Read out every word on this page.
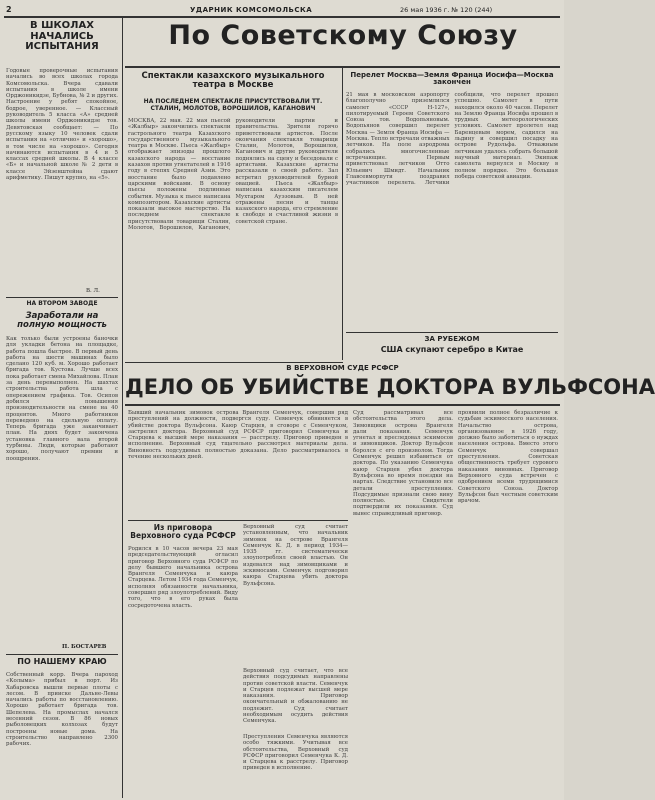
2	УДАРНИК КОМСОМОЛЬСКА	26 мая 1936 г. № 120 (244)
В ШКОЛАХ НАЧАЛИСЬ ИСПЫТАНИЯ
Годовые проверочные испытания начались во всех школах города Комсомольска. Вчера сдавали испытания в школе имени Орджоникидзе, Бубнова, № 2 и других. Настроение у ребят спокойное, бодрое, уверенное. — Классный руководитель 5 класса «А» средней школы имени Орджоникидзе тов. Девятовская сообщает: — По русскому языку 10 человек сдали испытания на «отлично» и «хорошо», в том числе на «хорошо». Сегодня начинаются испытания в 4 и 5 классах средней школы. В 4 классе «Б» и начальной школе № 2 дети в классе Эйзенштейна сдают арифметику. Пишут крупно, на «5».
В. Л.
НА ВТОРОМ ЗАВОДЕ
Заработали на полную мощность
Как только были устроены баночки для укладки бетона на площадке, работа пошла быстрее. В первый день работа на шести машинах было сделано 120 куб. м. Хорошо работает бригада тов. Кустова. Лучше всех пока работает смена Михайлова. План за день перевыполнен. На шахтах строительства работа шла с опережением графика. Тов. Осипов добился повышения производительности на смене на 40 процентов. Много работников переведено на сдельную оплату. Теперь бригада уже заканчивает план. На днях будет закончена установка главного вала второй турбины. Люди, которые работают хорошо, получают премии и поощрения.
П. БОСТАРЕВ
ПО НАШЕМУ КРАЮ
Собственный корр. Вчера пароход «Колыма» прибыл в порт. Из Хабаровска вышли первые плоты с лесом. В прииске Дальне-Левы начались работы по восстановлению. Хорошо работает бригада тов. Шепелева. На промыслах начался весенний сезон. В 86 новых рыболовецких колхозах будут построены новые дома. На строительство направлено 2300 рабочих.
По Советскому Союзу
Спектакли казахского музыкального театра в Москве
НА ПОСЛЕДНЕМ СПЕКТАКЛЕ ПРИСУТСТВОВАЛИ ТТ. СТАЛИН, МОЛОТОВ, ВОРОШИЛОВ, КАГАНОВИЧ
МОСКВА, 22 мая. 22 мая пьесой «Жалбыр» закончились спектакли гастрольного театра Казахского государственного музыкального театра в Москве. Пьеса «Жалбыр» отображает эпизоды прошлого казахского народа — восстание казахов против угнетателей в 1916 году в степях Средней Азии. Это восстание было подавлено царскими войсками. В основу пьесы положены подлинные события. Музыка к пьесе написана композитором. Казахские артисты показали высокое мастерство. На последнем спектакле присутствовали товарищи Сталин, Молотов, Ворошилов, Каганович, руководители партии и правительства. Зрители горячо приветствовали артистов. После окончания спектакля товарищи Сталин, Молотов, Ворошилов, Каганович и другие руководители поднялись на сцену и беседовали с артистами. Казахские артисты рассказали о своей работе. Зал встретил руководителей бурной овацией. Пьеса «Жалбыр» написана казахским писателем Мухтаром Ауэзовым. В ней отражены песни и танцы казахского народа, его стремление к свободе и счастливой жизни в советской стране.
Перелет Москва—Земля Франца Иосифа—Москва закончен
21 мая в московском аэропорту благополучно приземлился самолет «СССР Н-127», пилотируемый Героем Советского Союза тов. Водопьяновым. Водопьянов совершил перелет Москва — Земля Франца Иосифа — Москва. Тепло встречали отважных летчиков. На поле аэродрома собрались многочисленные встречающие. Первым приветствовал летчиков Отто Юльевич Шмидт. Начальник Главсевморпути поздравил участников перелета. Летчики сообщили, что перелет прошел успешно. Самолет в пути находился около 40 часов. Перелет на Землю Франца Иосифа прошел в трудных метеорологических условиях. Самолет пролетел над Баренцевым морем, садился на льдину и совершил посадку на острове Рудольфа. Отважным летчикам удалось собрать большой научный материал. Экипаж самолета вернулся в Москву в полном порядке. Это большая победа советской авиации.
ЗА РУБЕЖОМ
США скупают серебро в Китае
В ВЕРХОВНОМ СУДЕ РСФСР
ДЕЛО ОБ УБИЙСТВЕ ДОКТОРА ВУЛЬФСОНА
Бывший начальник зимовок острова Врангеля Семенчук, совершив ряд преступлений на должности, подвергся суду. Семенчук обвиняется в убийстве доктора Вульфсона. Каюр Старцев, в сговоре с Семенчуком, застрелил доктора. Верховный суд РСФСР приговорил Семенчука и Старцева к высшей мере наказания — расстрелу. Приговор приведен в исполнение. Верховный суд тщательно рассмотрел материалы дела. Виновность подсудимых полностью доказана. Дело рассматривалось в течение нескольких дней.
Суд рассматривал все обстоятельства этого дела. Зимовщики острова Врангеля дали показания. Семенчук угнетал и преследовал эскимосов и зимовщиков. Доктор Вульфсон боролся с его произволом. Тогда Семенчук решил избавиться от доктора. По указанию Семенчука каюр Старцев убил доктора Вульфсона во время поездки на нартах. Следствие установило все детали преступления. Подсудимые признали свою вину полностью. Свидетели подтвердили их показания. Суд вынес справедливый приговор.
проявили полное безразличие к судьбам эскимосского населения. Начальство острова, организованное в 1926 году, должно было заботиться о нуждах населения острова. Вместо этого Семенчук совершал преступления. Советская общественность требует сурового наказания виновных. Приговор Верховного суда встречен с одобрением всеми трудящимися Советского Союза. Доктор Вульфсон был честным советским врачом.
Из приговора Верховного суда РСФСР
Родился в 10 часов вечера 23 мая председательствующий огласил приговор Верховного суда РСФСР по делу бывшего начальника острова Врангеля Семенчука и каюра Старцева. Летом 1934 года Семенчук, исполняя обязанности начальника, совершил ряд злоупотреблений. Виду того, что в его руках была сосредоточена власть.
Верховный суд считает установленным, что начальник зимовок на острове Врангеля Семенчук К. Д. в период 1934—1935 гг. систематически злоупотреблял своей властью. Он издевался над зимовщиками и эскимосами. Семенчук подговорил каюра Старцева убить доктора Вульфсона.
Верховный суд считает, что все действия подсудимых направлены против советской власти. Семенчук и Старцев подлежат высшей мере наказания. Приговор окончательный и обжалованию не подлежит. Суд считает необходимым осудить действия Семенчука.
Преступления Семенчука являются особо тяжкими. Учитывая все обстоятельства, Верховный суд РСФСР приговорил Семенчука К. Д. и Старцева к расстрелу. Приговор приведен в исполнение.
